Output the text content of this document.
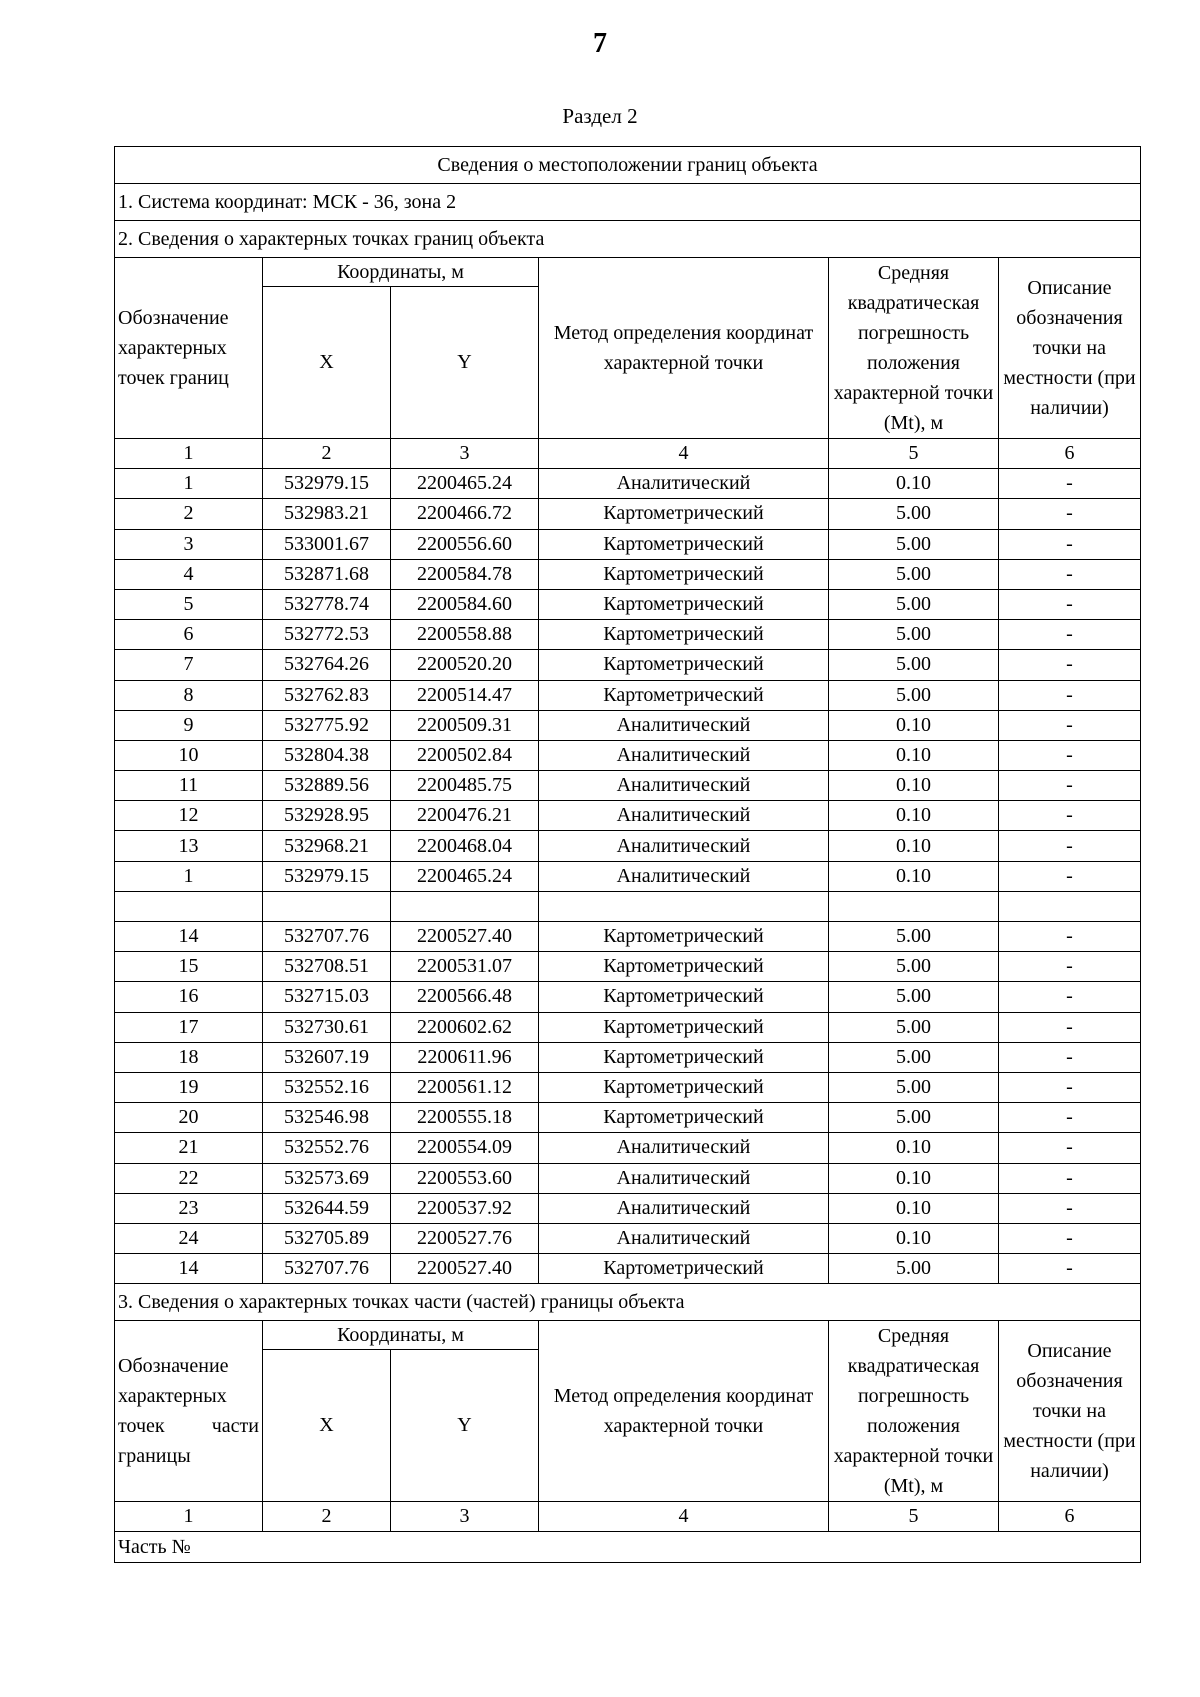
7
Раздел 2
Сведения о местоположении границ объекта					
1. Система координат: МСК - 36, зона 2					
2. Сведения о характерных точках границ объекта					
Обозначение характерных точек границ	Координаты, м		Метод определения координат характерной точки	Средняя квадратическая погрешность положения характерной точки (Mt), м	Описание обозначения точки на местности (при наличии)
	X	Y			
1	2	3	4	5	6
1	532979.15	2200465.24	Аналитический	0.10	-
2	532983.21	2200466.72	Картометрический	5.00	-
3	533001.67	2200556.60	Картометрический	5.00	-
4	532871.68	2200584.78	Картометрический	5.00	-
5	532778.74	2200584.60	Картометрический	5.00	-
6	532772.53	2200558.88	Картометрический	5.00	-
7	532764.26	2200520.20	Картометрический	5.00	-
8	532762.83	2200514.47	Картометрический	5.00	-
9	532775.92	2200509.31	Аналитический	0.10	-
10	532804.38	2200502.84	Аналитический	0.10	-
11	532889.56	2200485.75	Аналитический	0.10	-
12	532928.95	2200476.21	Аналитический	0.10	-
13	532968.21	2200468.04	Аналитический	0.10	-
1	532979.15	2200465.24	Аналитический	0.10	-

14	532707.76	2200527.40	Картометрический	5.00	-
15	532708.51	2200531.07	Картометрический	5.00	-
16	532715.03	2200566.48	Картометрический	5.00	-
17	532730.61	2200602.62	Картометрический	5.00	-
18	532607.19	2200611.96	Картометрический	5.00	-
19	532552.16	2200561.12	Картометрический	5.00	-
20	532546.98	2200555.18	Картометрический	5.00	-
21	532552.76	2200554.09	Аналитический	0.10	-
22	532573.69	2200553.60	Аналитический	0.10	-
23	532644.59	2200537.92	Аналитический	0.10	-
24	532705.89	2200527.76	Аналитический	0.10	-
14	532707.76	2200527.40	Картометрический	5.00	-
3. Сведения о характерных точках части (частей) границы объекта					
Обозначение характерных точек части границы	Координаты, м		Метод определения координат характерной точки	Средняя квадратическая погрешность положения характерной точки (Mt), м	Описание обозначения точки на местности (при наличии)
	X	Y			
1	2	3	4	5	6
Часть №					
